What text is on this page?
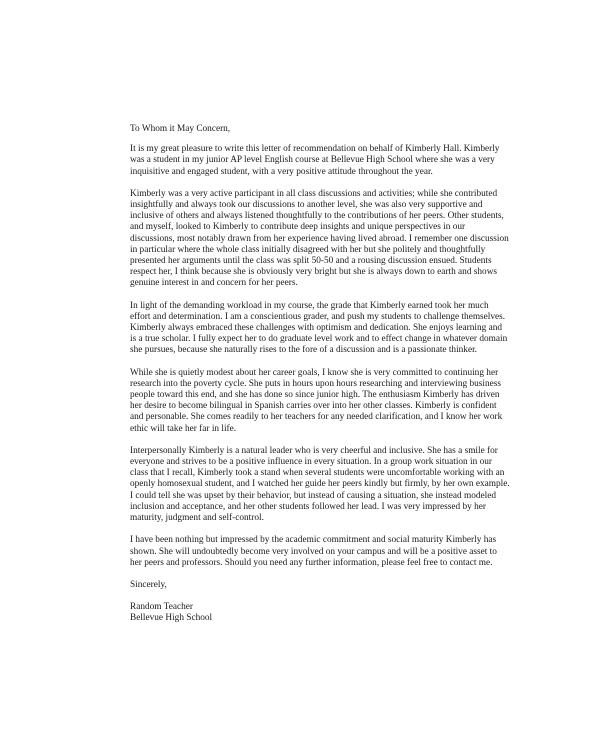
To Whom it May Concern,

It is my great pleasure to write this letter of recommendation on behalf of Kimberly Hall. Kimberly was a student in my junior AP level English course at Bellevue High School where she was a very inquisitive and engaged student, with a very positive attitude throughout the year.

Kimberly was a very active participant in all class discussions and activities; while she contributed insightfully and always took our discussions to another level, she was also very supportive and inclusive of others and always listened thoughtfully to the contributions of her peers. Other students, and myself, looked to Kimberly to contribute deep insights and unique perspectives in our discussions, most notably drawn from her experience having lived abroad. I remember one discussion in particular where the whole class initially disagreed with her but she politely and thoughtfully presented her arguments until the class was split 50-50 and a rousing discussion ensued. Students respect her, I think because she is obviously very bright but she is always down to earth and shows genuine interest in and concern for her peers.

In light of the demanding workload in my course, the grade that Kimberly earned took her much effort and determination. I am a conscientious grader, and push my students to challenge themselves. Kimberly always embraced these challenges with optimism and dedication. She enjoys learning and is a true scholar. I fully expect her to do graduate level work and to effect change in whatever domain she pursues, because she naturally rises to the fore of a discussion and is a passionate thinker.

While she is quietly modest about her career goals, I know she is very committed to continuing her research into the poverty cycle. She puts in hours upon hours researching and interviewing business people toward this end, and she has done so since junior high. The enthusiasm Kimberly has driven her desire to become bilingual in Spanish carries over into her other classes. Kimberly is confident and personable. She comes readily to her teachers for any needed clarification, and I know her work ethic will take her far in life.

Interpersonally Kimberly is a natural leader who is very cheerful and inclusive. She has a smile for everyone and strives to be a positive influence in every situation. In a group work situation in our class that I recall, Kimberly took a stand when several students were uncomfortable working with an openly homosexual student, and I watched her guide her peers kindly but firmly, by her own example. I could tell she was upset by their behavior, but instead of causing a situation, she instead modeled inclusion and acceptance, and her other students followed her lead. I was very impressed by her maturity, judgment and self-control.

I have been nothing but impressed by the academic commitment and social maturity Kimberly has shown. She will undoubtedly become very involved on your campus and will be a positive asset to her peers and professors. Should you need any further information, please feel free to contact me.

Sincerely,

Random Teacher

Bellevue High School
